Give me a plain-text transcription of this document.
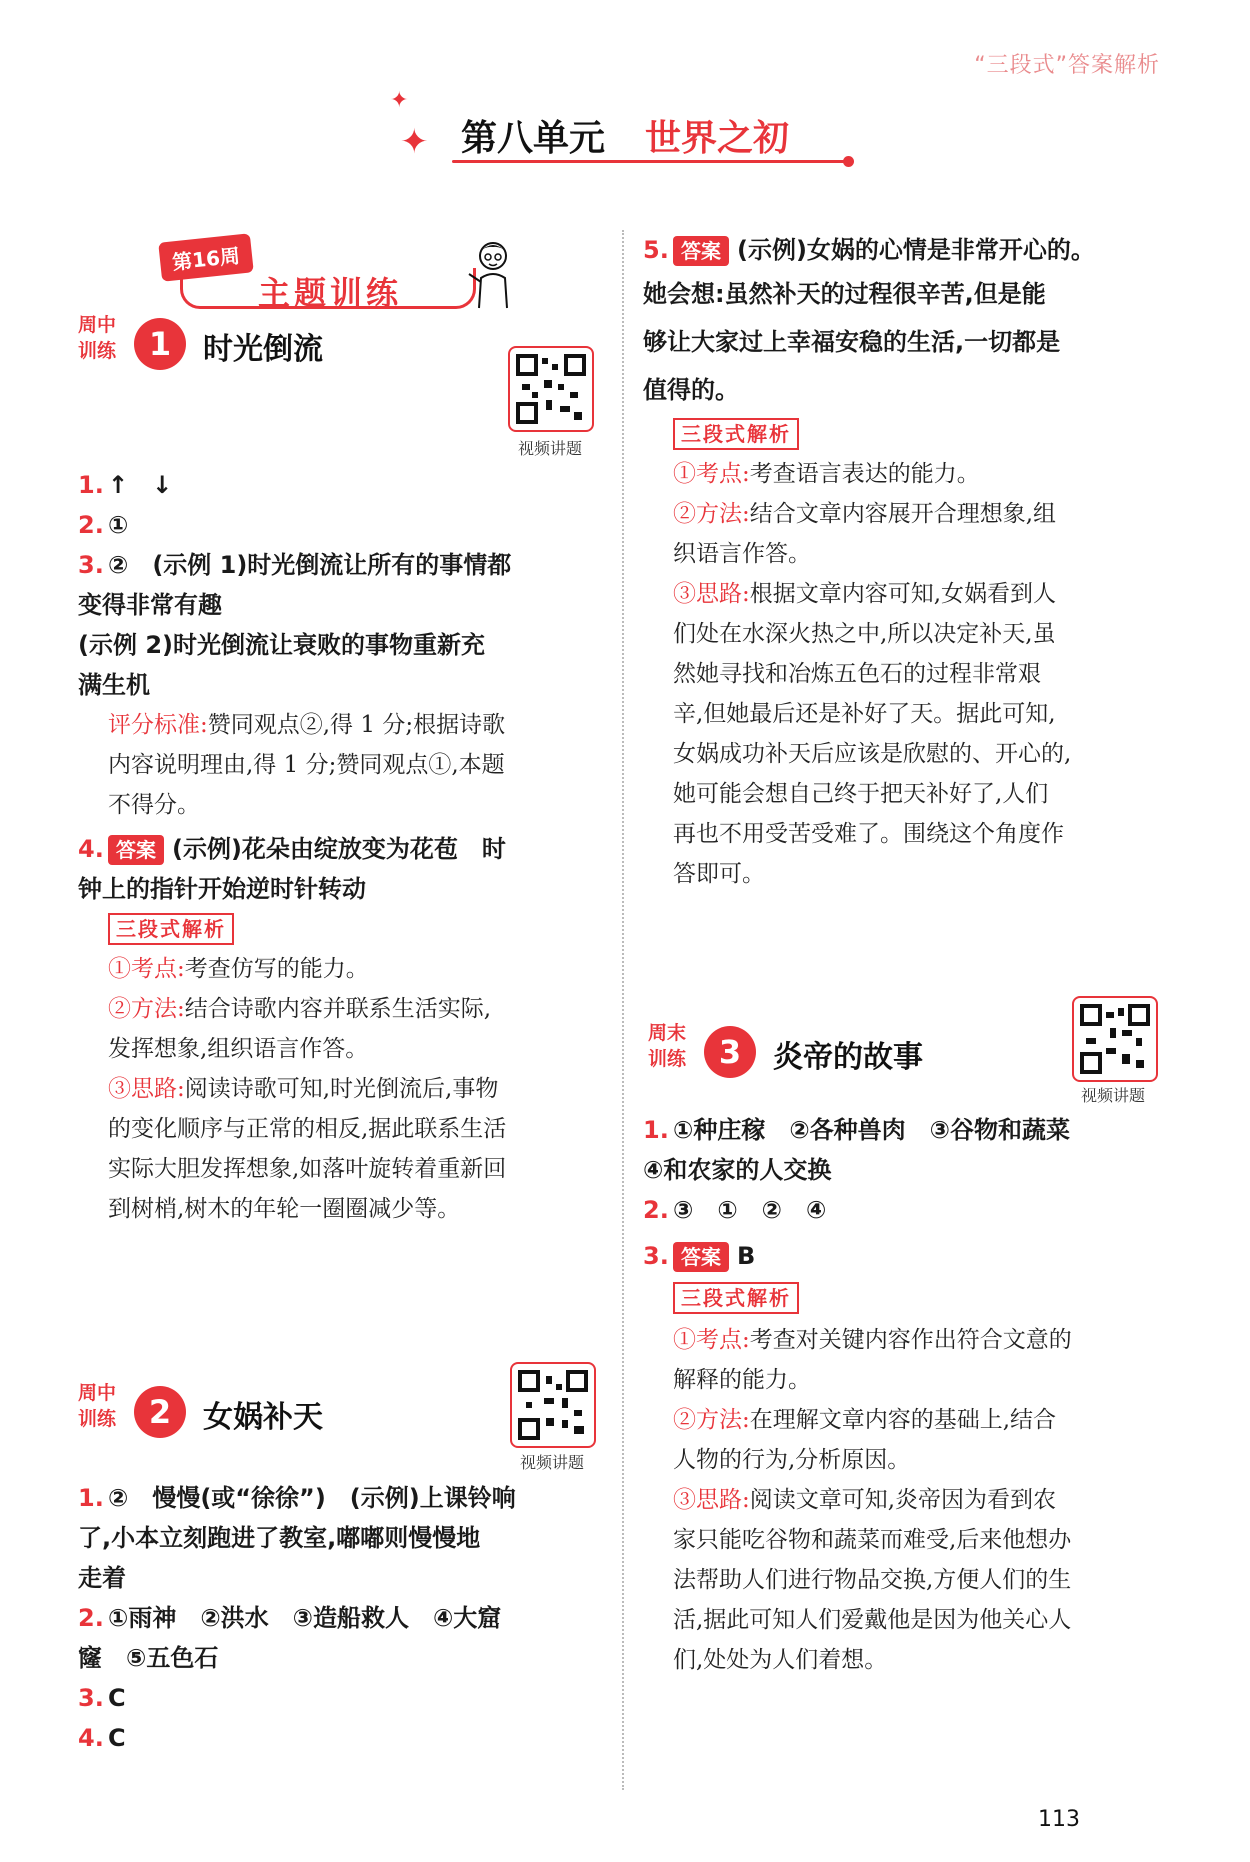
“三段式”答案解析
✦
✦ 第八单元 世界之初
第16周
主题训练
周中
训练	1	时光倒流
视频讲题
1. ↑　↓
2. ①
3. ②　(示例 1)时光倒流让所有的事情都
变得非常有趣
(示例 2)时光倒流让衰败的事物重新充
满生机
评分标准:赞同观点②,得 1 分;根据诗歌
内容说明理由,得 1 分;赞同观点①,本题
不得分。
4. 答案 (示例)花朵由绽放变为花苞　时
钟上的指针开始逆时针转动
三段式解析
①考点:考查仿写的能力。
②方法:结合诗歌内容并联系生活实际,
发挥想象,组织语言作答。
③思路:阅读诗歌可知,时光倒流后,事物
的变化顺序与正常的相反,据此联系生活
实际大胆发挥想象,如落叶旋转着重新回
到树梢,树木的年轮一圈圈减少等。
周中
训练	2	女娲补天
视频讲题
1. ②　慢慢(或“徐徐”)　(示例)上课铃响
了,小本立刻跑进了教室,嘟嘟则慢慢地
走着
2. ①雨神　②洪水　③造船救人　④大窟
窿　⑤五色石
3. C
4. C
5. 答案 (示例)女娲的心情是非常开心的。
她会想:虽然补天的过程很辛苦,但是能
够让大家过上幸福安稳的生活,一切都是
值得的。
三段式解析
①考点:考查语言表达的能力。
②方法:结合文章内容展开合理想象,组
织语言作答。
③思路:根据文章内容可知,女娲看到人
们处在水深火热之中,所以决定补天,虽
然她寻找和冶炼五色石的过程非常艰
辛,但她最后还是补好了天。据此可知,
女娲成功补天后应该是欣慰的、开心的,
她可能会想自己终于把天补好了,人们
再也不用受苦受难了。围绕这个角度作
答即可。
周末
训练	3	炎帝的故事
视频讲题
1. ①种庄稼　②各种兽肉　③谷物和蔬菜
④和农家的人交换
2. ③　①　②　④
3. 答案 B
三段式解析
①考点:考查对关键内容作出符合文意的
解释的能力。
②方法:在理解文章内容的基础上,结合
人物的行为,分析原因。
③思路:阅读文章可知,炎帝因为看到农
家只能吃谷物和蔬菜而难受,后来他想办
法帮助人们进行物品交换,方便人们的生
活,据此可知人们爱戴他是因为他关心人
们,处处为人们着想。
113
